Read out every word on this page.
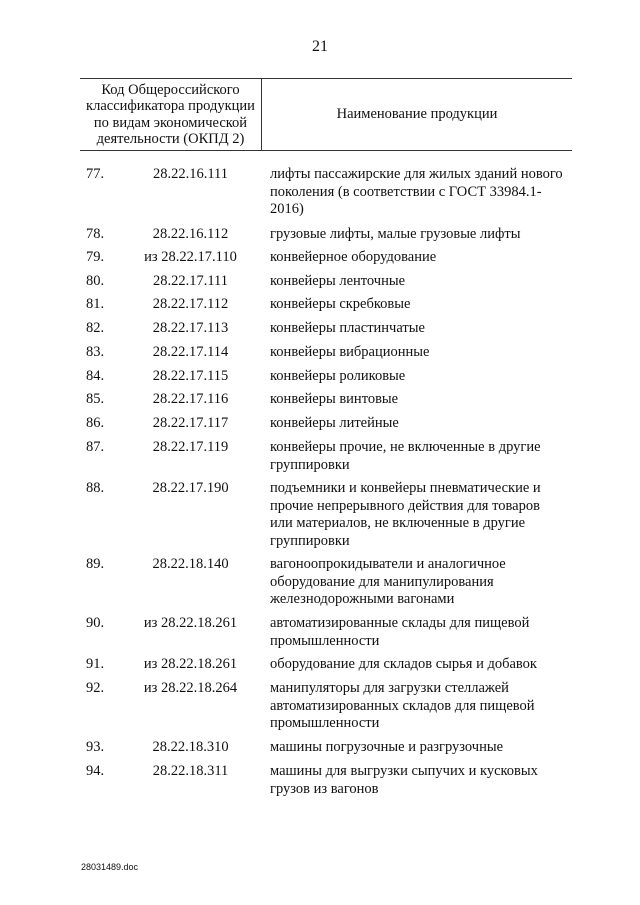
21
Код Общероссийского классификатора продукции по видам экономической деятельности (ОКПД 2)
Наименование продукции
77.	28.22.16.111	лифты пассажирские для жилых зданий нового поколения (в соответствии с ГОСТ 33984.1-2016)
78.	28.22.16.112	грузовые лифты, малые грузовые лифты
79.	из 28.22.17.110	конвейерное оборудование
80.	28.22.17.111	конвейеры ленточные
81.	28.22.17.112	конвейеры скребковые
82.	28.22.17.113	конвейеры пластинчатые
83.	28.22.17.114	конвейеры вибрационные
84.	28.22.17.115	конвейеры роликовые
85.	28.22.17.116	конвейеры винтовые
86.	28.22.17.117	конвейеры литейные
87.	28.22.17.119	конвейеры прочие, не включенные в другие группировки
88.	28.22.17.190	подъемники и конвейеры пневматические и прочие непрерывного действия для товаров или материалов, не включенные в другие группировки
89.	28.22.18.140	вагоноопрокидыватели и аналогичное оборудование для манипулирования железнодорожными вагонами
90.	из 28.22.18.261	автоматизированные склады для пищевой промышленности
91.	из 28.22.18.261	оборудование для складов сырья и добавок
92.	из 28.22.18.264	манипуляторы для загрузки стеллажей автоматизированных складов для пищевой промышленности
93.	28.22.18.310	машины погрузочные и разгрузочные
94.	28.22.18.311	машины для выгрузки сыпучих и кусковых грузов из вагонов
28031489.doc
